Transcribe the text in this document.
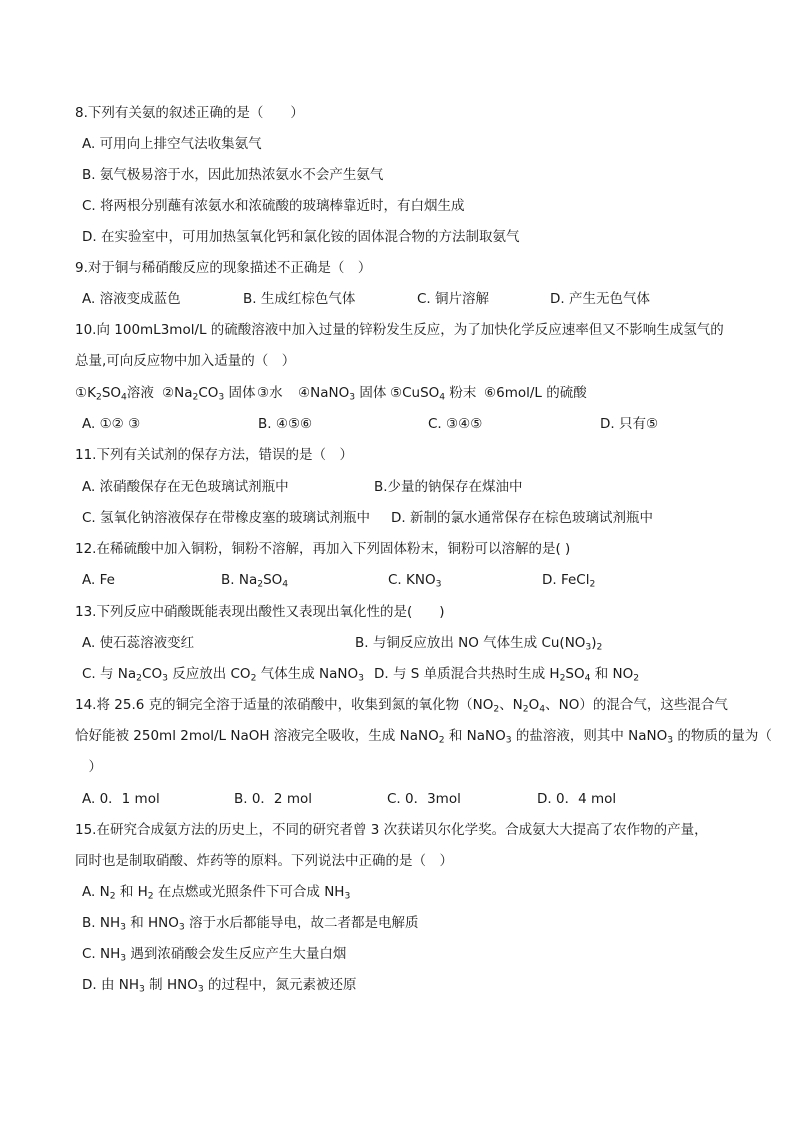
8.下列有关氨的叙述正确的是（　　）
A. 可用向上排空气法收集氨气
B. 氨气极易溶于水，因此加热浓氨水不会产生氨气
C. 将两根分别蘸有浓氨水和浓硫酸的玻璃棒靠近时，有白烟生成
D. 在实验室中，可用加热氢氧化钙和氯化铵的固体混合物的方法制取氨气
9.对于铜与稀硝酸反应的现象描述不正确是（　）
A. 溶液变成蓝色	B. 生成红棕色气体	C. 铜片溶解	D. 产生无色气体
10.向 100mL3mol/L 的硫酸溶液中加入过量的锌粉发生反应，为了加快化学反应速率但又不影响生成氢气的
总量,可向反应物中加入适量的（　）
$①K_2SO_4$溶液 $②Na_2CO_3$ 固体 ③水 ④NaNO$_3$ 固体 ⑤CuSO$_4$ 粉末 ⑥6mol/L 的硫酸
A. ①② ③	B. ④⑤⑥	C. ③④⑤	D. 只有⑤
11.下列有关试剂的保存方法，错误的是（　）
A. 浓硝酸保存在无色玻璃试剂瓶中	B.少量的钠保存在煤油中
C. 氢氧化钠溶液保存在带橡皮塞的玻璃试剂瓶中 D. 新制的氯水通常保存在棕色玻璃试剂瓶中
12.在稀硫酸中加入铜粉，铜粉不溶解，再加入下列固体粉末，铜粉可以溶解的是( )
A. Fe	B. $Na_2SO_4$	C. $KNO_3$	D. FeCl$_2$
13.下列反应中硝酸既能表现出酸性又表现出氧化性的是(　　)
A. 使石蕊溶液变红	B. 与铜反应放出 NO 气体生成 $Cu(NO_3)_2$
C. 与 $Na_2CO_3$ 反应放出 $CO_2$ 气体生成 NaNO$_3$ D. 与 S 单质混合共热时生成 $H_2SO_4$ 和 $NO_2$
14.将 25.6 克的铜完全溶于适量的浓硝酸中，收集到氮的氧化物（$NO_2$、$N_2O_4$、NO）的混合气，这些混合气
恰好能被 250ml 2mol/L NaOH 溶液完全吸收，生成 NaNO$_2$ 和 NaNO$_3$ 的盐溶液，则其中 NaNO$_3$ 的物质的量为（
　）
A. 0．1 mol	B. 0．2 mol	C. 0．3mol	D. 0．4 mol
15.在研究合成氨方法的历史上，不同的研究者曾 3 次获诺贝尔化学奖。合成氨大大提高了农作物的产量，
同时也是制取硝酸、炸药等的原料。下列说法中正确的是（　）
A. $N_2$ 和 $H_2$ 在点燃或光照条件下可合成 $NH_3$
B. $NH_3$ 和 $HNO_3$ 溶于水后都能导电，故二者都是电解质
C. $NH_3$ 遇到浓硝酸会发生反应产生大量白烟
D. 由 $NH_3$ 制 $HNO_3$ 的过程中，氮元素被还原
